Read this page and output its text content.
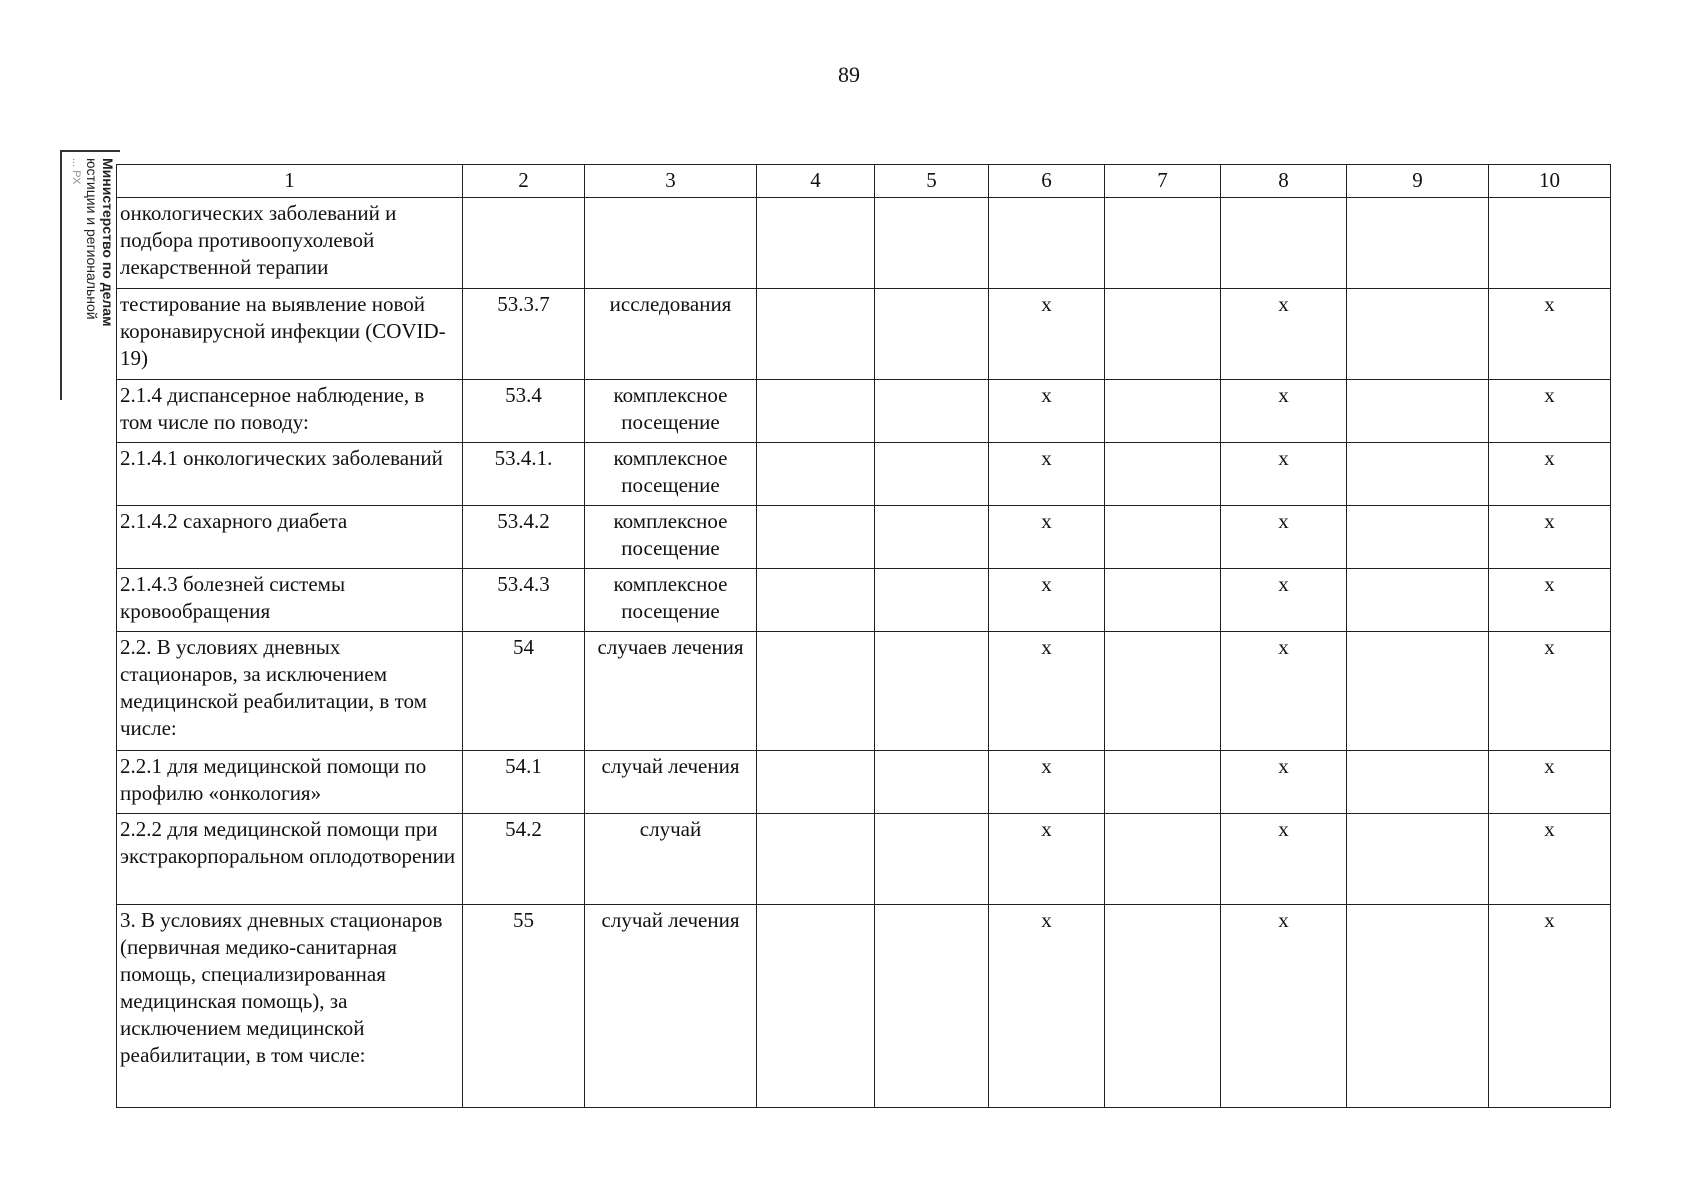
89
Министерство по делам
юстиции и региональной
... РХ	1	2	3	4	5	6	7	8	9	10
онкологических заболеваний и подбора противоопухолевой лекарственной терапии									
тестирование на выявление новой коронавирусной инфекции (COVID-19)	53.3.7	исследования			х		х		х
2.1.4 диспансерное наблюдение, в том числе по поводу:	53.4	комплексное посещение			х		х		х
2.1.4.1 онкологических заболеваний	53.4.1.	комплексное посещение			х		х		х
2.1.4.2 сахарного диабета	53.4.2	комплексное посещение			х		х		х
2.1.4.3 болезней системы кровообращения	53.4.3	комплексное посещение			х		х		х
2.2. В условиях дневных стационаров, за исключением медицинской реабилитации, в том числе:	54	случаев лечения			х		х		х
2.2.1 для медицинской помощи по профилю «онкология»	54.1	случай лечения			х		х		х
2.2.2 для медицинской помощи при экстракорпоральном оплодотворении	54.2	случай			х		х		х
3. В условиях дневных стационаров (первичная медико-санитарная помощь, специализированная медицинская помощь), за исключением медицинской реабилитации, в том числе:	55	случай лечения			х		х		х
